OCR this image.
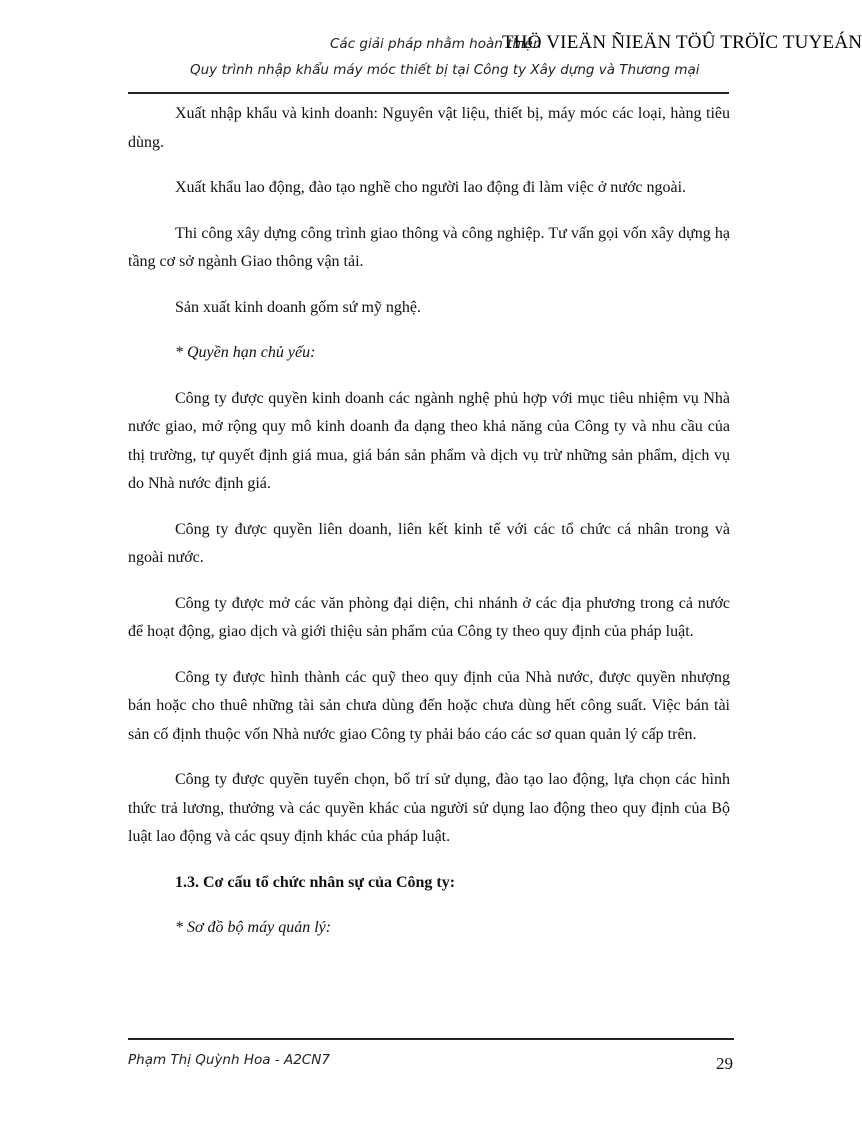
Các giải pháp nhằm hoàn thiện
THÖ VIEÄN ÑIEÄN TÖÛ TRÖÏC TUYEÁN
Quy trình nhập khẩu máy móc thiết bị tại Công ty Xây dựng và Thương mại

Xuất nhập khẩu và kinh doanh: Nguyên vật liệu, thiết bị, máy móc các loại, hàng tiêu dùng.

Xuất khẩu lao động, đào tạo nghề cho người lao động đi làm việc ở nước ngoài.

Thi công xây dựng công trình giao thông và công nghiệp. Tư vấn gọi vốn xây dựng hạ tầng cơ sở ngành Giao thông vận tải.

Sản xuất kinh doanh gốm sứ mỹ nghệ.

* Quyền hạn chủ yếu:

Công ty được quyền kinh doanh các ngành nghệ phủ hợp với mục tiêu nhiệm vụ Nhà nước giao, mở rộng quy mô kinh doanh đa dạng theo khả năng của Công ty và nhu cầu của thị trường, tự quyết định giá mua, giá bán sản phẩm và dịch vụ trừ những sản phẩm, dịch vụ do Nhà nước định giá.

Công ty được quyền liên doanh, liên kết kinh tế với các tổ chức cá nhân trong và ngoài nước.

Công ty được mở các văn phòng đại diện, chi nhánh ở các địa phương trong cả nước để hoạt động, giao dịch và giới thiệu sản phẩm của Công ty theo quy định của pháp luật.

Công ty được hình thành các quỹ theo quy định của Nhà nước, được quyền nhượng bán hoặc cho thuê những tài sản chưa dùng đến hoặc chưa dùng hết công suất. Việc bán tài sản cố định thuộc vốn Nhà nước giao Công ty phải báo cáo các sơ quan quản lý cấp trên.

Công ty được quyền tuyển chọn, bố trí sử dụng, đào tạo lao động, lựa chọn các hình thức trả lương, thưởng và các quyền khác của người sử dụng lao động theo quy định của Bộ luật lao động và các qsuy định khác của pháp luật.

1.3. Cơ cấu tổ chức nhân sự của Công ty:

* Sơ đồ bộ máy quản lý:

Phạm Thị Quỳnh Hoa - A2CN7	29
